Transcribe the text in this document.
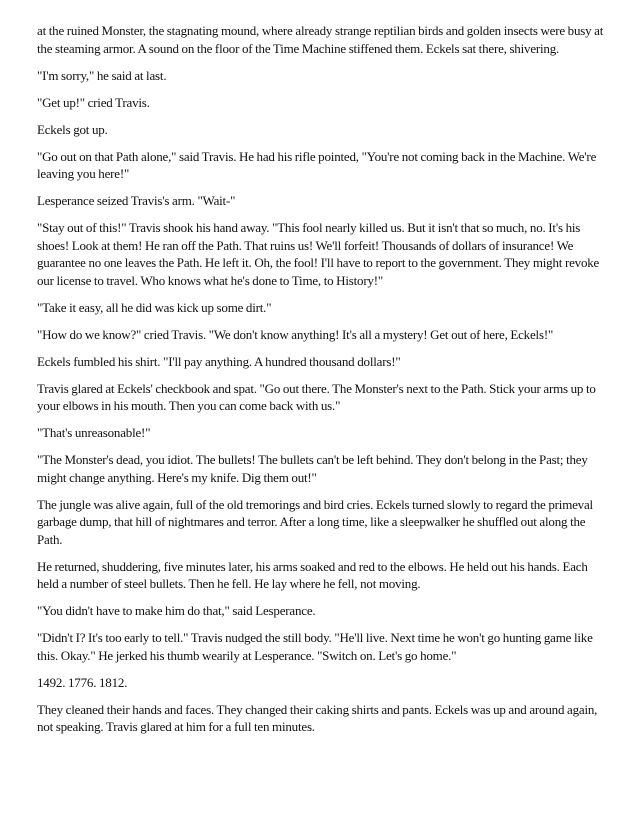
at the ruined Monster, the stagnating mound, where already strange reptilian birds and golden insects were busy at the steaming armor. A sound on the floor of the Time Machine stiffened them. Eckels sat there, shivering.

"I'm sorry," he said at last.

"Get up!" cried Travis.

Eckels got up.

"Go out on that Path alone," said Travis. He had his rifle pointed, "You're not coming back in the Machine. We're leaving you here!"

Lesperance seized Travis's arm. "Wait-"

"Stay out of this!" Travis shook his hand away. "This fool nearly killed us. But it isn't that so much, no. It's his shoes! Look at them! He ran off the Path. That ruins us! We'll forfeit! Thousands of dollars of insurance! We guarantee no one leaves the Path. He left it. Oh, the fool! I'll have to report to the government. They might revoke our license to travel. Who knows what he's done to Time, to History!"

"Take it easy, all he did was kick up some dirt."

"How do we know?" cried Travis. "We don't know anything! It's all a mystery! Get out of here, Eckels!"

Eckels fumbled his shirt. "I'll pay anything. A hundred thousand dollars!"

Travis glared at Eckels' checkbook and spat. "Go out there. The Monster's next to the Path. Stick your arms up to your elbows in his mouth. Then you can come back with us."

"That's unreasonable!"

"The Monster's dead, you idiot. The bullets! The bullets can't be left behind. They don't belong in the Past; they might change anything. Here's my knife. Dig them out!"

The jungle was alive again, full of the old tremorings and bird cries. Eckels turned slowly to regard the primeval garbage dump, that hill of nightmares and terror. After a long time, like a sleepwalker he shuffled out along the Path.

He returned, shuddering, five minutes later, his arms soaked and red to the elbows. He held out his hands. Each held a number of steel bullets. Then he fell. He lay where he fell, not moving.

"You didn't have to make him do that," said Lesperance.

"Didn't I? It's too early to tell." Travis nudged the still body. "He'll live. Next time he won't go hunting game like this. Okay." He jerked his thumb wearily at Lesperance. "Switch on. Let's go home."

1492. 1776. 1812.

They cleaned their hands and faces. They changed their caking shirts and pants. Eckels was up and around again, not speaking. Travis glared at him for a full ten minutes.
